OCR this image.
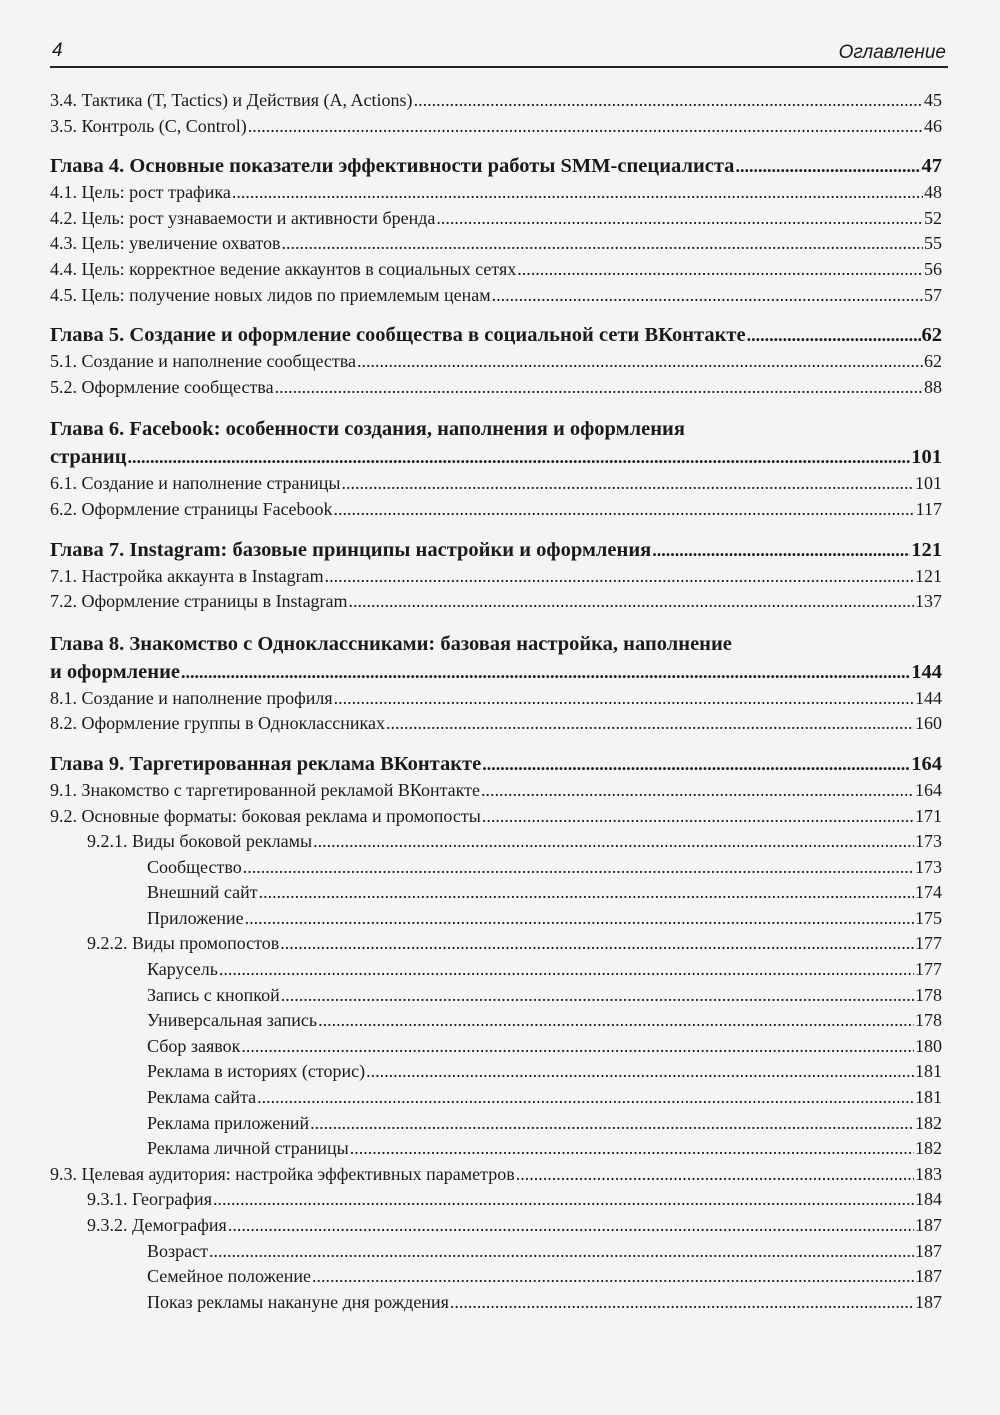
4	Оглавление
3.4. Тактика (T, Tactics) и Действия (A, Actions) .....	45
3.5. Контроль (C, Control) .....	46
Глава 4. Основные показатели эффективности работы SMM-специалиста .....	47
4.1. Цель: рост трафика .....	48
4.2. Цель: рост узнаваемости и активности бренда .....	52
4.3. Цель: увеличение охватов .....	55
4.4. Цель: корректное ведение аккаунтов в социальных сетях .....	56
4.5. Цель: получение новых лидов по приемлемым ценам .....	57
Глава 5. Создание и оформление сообщества в социальной сети ВКонтакте .....	62
5.1. Создание и наполнение сообщества .....	62
5.2. Оформление сообщества .....	88
Глава 6. Facebook: особенности создания, наполнения и оформления
страниц .....	101
6.1. Создание и наполнение страницы .....	101
6.2. Оформление страницы Facebook .....	117
Глава 7. Instagram: базовые принципы настройки и оформления .....	121
7.1. Настройка аккаунта в Instagram .....	121
7.2. Оформление страницы в Instagram .....	137
Глава 8. Знакомство с Одноклассниками: базовая настройка, наполнение
и оформление .....	144
8.1. Создание и наполнение профиля .....	144
8.2. Оформление группы в Одноклассниках .....	160
Глава 9. Таргетированная реклама ВКонтакте .....	164
9.1. Знакомство с таргетированной рекламой ВКонтакте .....	164
9.2. Основные форматы: боковая реклама и промопосты .....	171
9.2.1. Виды боковой рекламы .....	173
Сообщество .....	173
Внешний сайт .....	174
Приложение .....	175
9.2.2. Виды промопостов .....	177
Карусель .....	177
Запись с кнопкой .....	178
Универсальная запись .....	178
Сбор заявок .....	180
Реклама в историях (сторис) .....	181
Реклама сайта .....	181
Реклама приложений .....	182
Реклама личной страницы .....	182
9.3. Целевая аудитория: настройка эффективных параметров .....	183
9.3.1. География .....	184
9.3.2. Демография .....	187
Возраст .....	187
Семейное положение .....	187
Показ рекламы накануне дня рождения .....	187
